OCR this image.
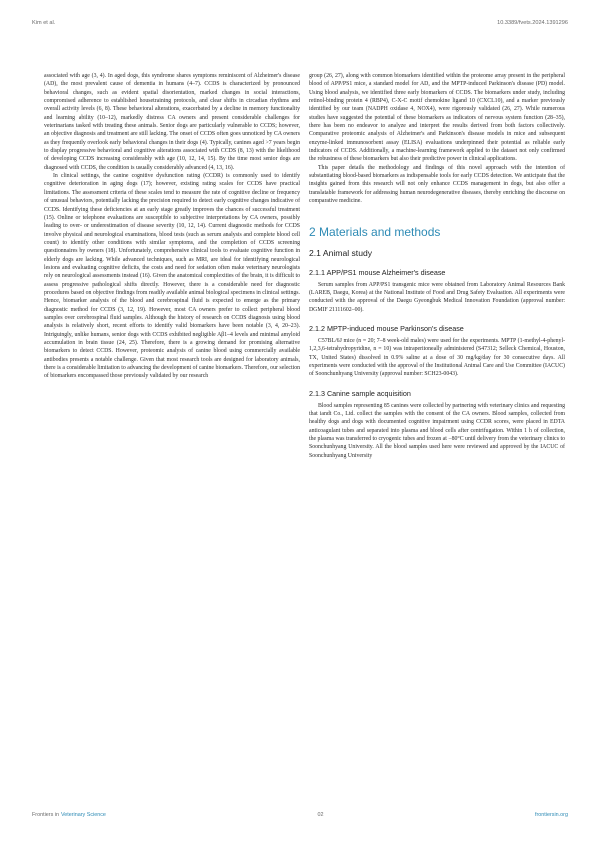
Kim et al.	10.3389/fvets.2024.1391296

associated with age (3, 4). In aged dogs, this syndrome shares symptoms reminiscent of Alzheimer's disease (AD), the most prevalent cause of dementia in humans (4–7). CCDS is characterized by pronounced behavioral changes, such as evident spatial disorientation, marked changes in social interactions, compromised adherence to established housetraining protocols, and clear shifts in circadian rhythms and overall activity levels (6, 8). These behavioral alterations, exacerbated by a decline in memory functionality and learning ability (10–12), markedly distress CA owners and present considerable challenges for veterinarians tasked with treating these animals. Senior dogs are particularly vulnerable to CCDS; however, an objective diagnosis and treatment are still lacking. The onset of CCDS often goes unnoticed by CA owners as they frequently overlook early behavioral changes in their dogs (4). Typically, canines aged >7 years begin to display progressive behavioral and cognitive alterations associated with CCDS (8, 13) with the likelihood of developing CCDS increasing considerably with age (10, 12, 14, 15). By the time most senior dogs are diagnosed with CCDS, the condition is usually considerably advanced (4, 13, 16).

In clinical settings, the canine cognitive dysfunction rating (CCDR) is commonly used to identify cognitive deterioration in aging dogs (17); however, existing rating scales for CCDS have practical limitations. The assessment criteria of these scales tend to measure the rate of cognitive decline or frequency of unusual behaviors, potentially lacking the precision required to detect early cognitive changes indicative of CCDS. Identifying these deficiencies at an early stage greatly improves the chances of successful treatment (15). Online or telephone evaluations are susceptible to subjective interpretations by CA owners, possibly leading to over- or underestimation of disease severity (10, 12, 14). Current diagnostic methods for CCDS involve physical and neurological examinations, blood tests (such as serum analysis and complete blood cell count) to identify other conditions with similar symptoms, and the completion of CCDS screening questionnaires by owners (18). Unfortunately, comprehensive clinical tools to evaluate cognitive function in elderly dogs are lacking. While advanced techniques, such as MRI, are ideal for identifying neurological lesions and evaluating cognitive deficits, the costs and need for sedation often make veterinary neurologists rely on neurological assessments instead (16). Given the anatomical complexities of the brain, it is difficult to assess progressive pathological shifts directly. However, there is a considerable need for diagnostic procedures based on objective findings from readily available animal biological specimens in clinical settings. Hence, biomarker analysis of the blood and cerebrospinal fluid is expected to emerge as the primary diagnostic method for CCDS (3, 12, 19). However, most CA owners prefer to collect peripheral blood samples over cerebrospinal fluid samples. Although the history of research on CCDS diagnosis using blood analysis is relatively short, recent efforts to identify valid biomarkers have been notable (3, 4, 20–23). Intriguingly, unlike humans, senior dogs with CCDS exhibited negligible Aβ1–4 levels and minimal amyloid accumulation in brain tissue (24, 25). Therefore, there is a growing demand for promising alternative biomarkers to detect CCDS. However, proteomic analysis of canine blood using commercially available antibodies presents a notable challenge. Given that most research tools are designed for laboratory animals, there is a considerable limitation to advancing the development of canine biomarkers. Therefore, our selection of biomarkers encompassed those previously validated by our research

group (26, 27), along with common biomarkers identified within the proteome array present in the peripheral blood of APP/PS1 mice, a standard model for AD, and the MPTP-induced Parkinson's disease (PD) model. Using blood analysis, we identified three early biomarkers of CCDS. The biomarkers under study, including retinol-binding protein 4 (RBP4), C-X-C motif chemokine ligand 10 (CXCL10), and a marker previously identified by our team (NADPH oxidase 4, NOX4), were rigorously validated (26, 27). While numerous studies have suggested the potential of these biomarkers as indicators of nervous system function (28–35), there has been no endeavor to analyze and interpret the results derived from both factors collectively. Comparative proteomic analysis of Alzheimer's and Parkinson's disease models in mice and subsequent enzyme-linked immunosorbent assay (ELISA) evaluations underpinned their potential as reliable early indicators of CCDS. Additionally, a machine-learning framework applied to the dataset not only confirmed the robustness of these biomarkers but also their predictive power in clinical applications.

This paper details the methodology and findings of this novel approach with the intention of substantiating blood-based biomarkers as indispensable tools for early CCDS detection. We anticipate that the insights gained from this research will not only enhance CCDS management in dogs, but also offer a translatable framework for addressing human neurodegenerative diseases, thereby enriching the discourse on comparative medicine.

2 Materials and methods
2.1 Animal study
2.1.1 APP/PS1 mouse Alzheimer's disease

Serum samples from APP/PS1 transgenic mice were obtained from Laboratory Animal Resources Bank (LAREB, Daegu, Korea) at the National Institute of Food and Drug Safety Evaluation. All experiments were conducted with the approval of the Daegu Gyeongbuk Medical Innovation Foundation (approval number: DGMIF 21111602–00).

2.1.2 MPTP-induced mouse Parkinson's disease

C57BL/6J mice (n = 20; 7–8 week-old males) were used for the experiments. MPTP (1-methyl-4-phenyl-1,2,3,6-tetrahydropyridine, n = 10) was intraperitoneally administered (S47312; Selleck Chemical, Houston, TX, United States) dissolved in 0.9% saline at a dose of 30 mg/kg/day for 30 consecutive days. All experiments were conducted with the approval of the Institutional Animal Care and Use Committee (IACUC) of Soonchunhyang University (approval number: SCH23-0043).

2.1.3 Canine sample acquisition

Blood samples representing 85 canines were collected by partnering with veterinary clinics and requesting that iandt Co., Ltd. collect the samples with the consent of the CA owners. Blood samples, collected from healthy dogs and dogs with documented cognitive impairment using CCDR scores, were placed in EDTA anticoagulant tubes and separated into plasma and blood cells after centrifugation. Within 1 h of collection, the plasma was transferred to cryogenic tubes and frozen at −80°C until delivery from the veterinary clinics to Soonchunhyang University. All the blood samples used here were reviewed and approved by the IACUC of Soonchunhyang University

Frontiers in Veterinary Science	02	frontiersin.org
